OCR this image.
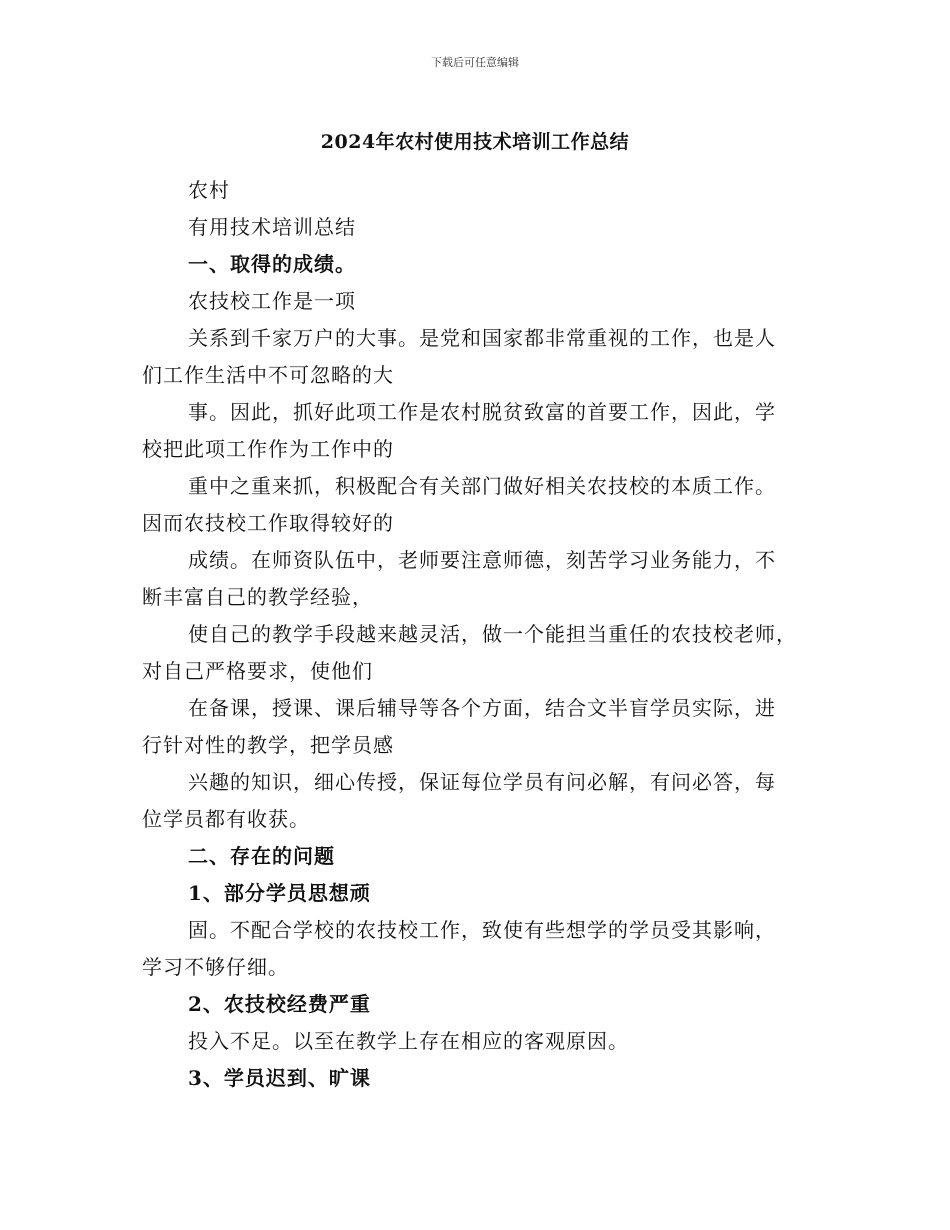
下载后可任意编辑
2024年农村使用技术培训工作总结
农村
有用技术培训总结
一、取得的成绩。
农技校工作是一项
关系到千家万户的大事。是党和国家都非常重视的工作，也是人
们工作生活中不可忽略的大
事。因此，抓好此项工作是农村脱贫致富的首要工作，因此，学
校把此项工作作为工作中的
重中之重来抓，积极配合有关部门做好相关农技校的本质工作。
因而农技校工作取得较好的
成绩。在师资队伍中，老师要注意师德，刻苦学习业务能力，不
断丰富自己的教学经验，
使自己的教学手段越来越灵活，做一个能担当重任的农技校老师，
对自己严格要求，使他们
在备课，授课、课后辅导等各个方面，结合文半盲学员实际，进
行针对性的教学，把学员感
兴趣的知识，细心传授，保证每位学员有问必解，有问必答，每
位学员都有收获。
二、存在的问题
1、部分学员思想顽
固。不配合学校的农技校工作，致使有些想学的学员受其影响，
学习不够仔细。
2、农技校经费严重
投入不足。以至在教学上存在相应的客观原因。
3、学员迟到、旷课
